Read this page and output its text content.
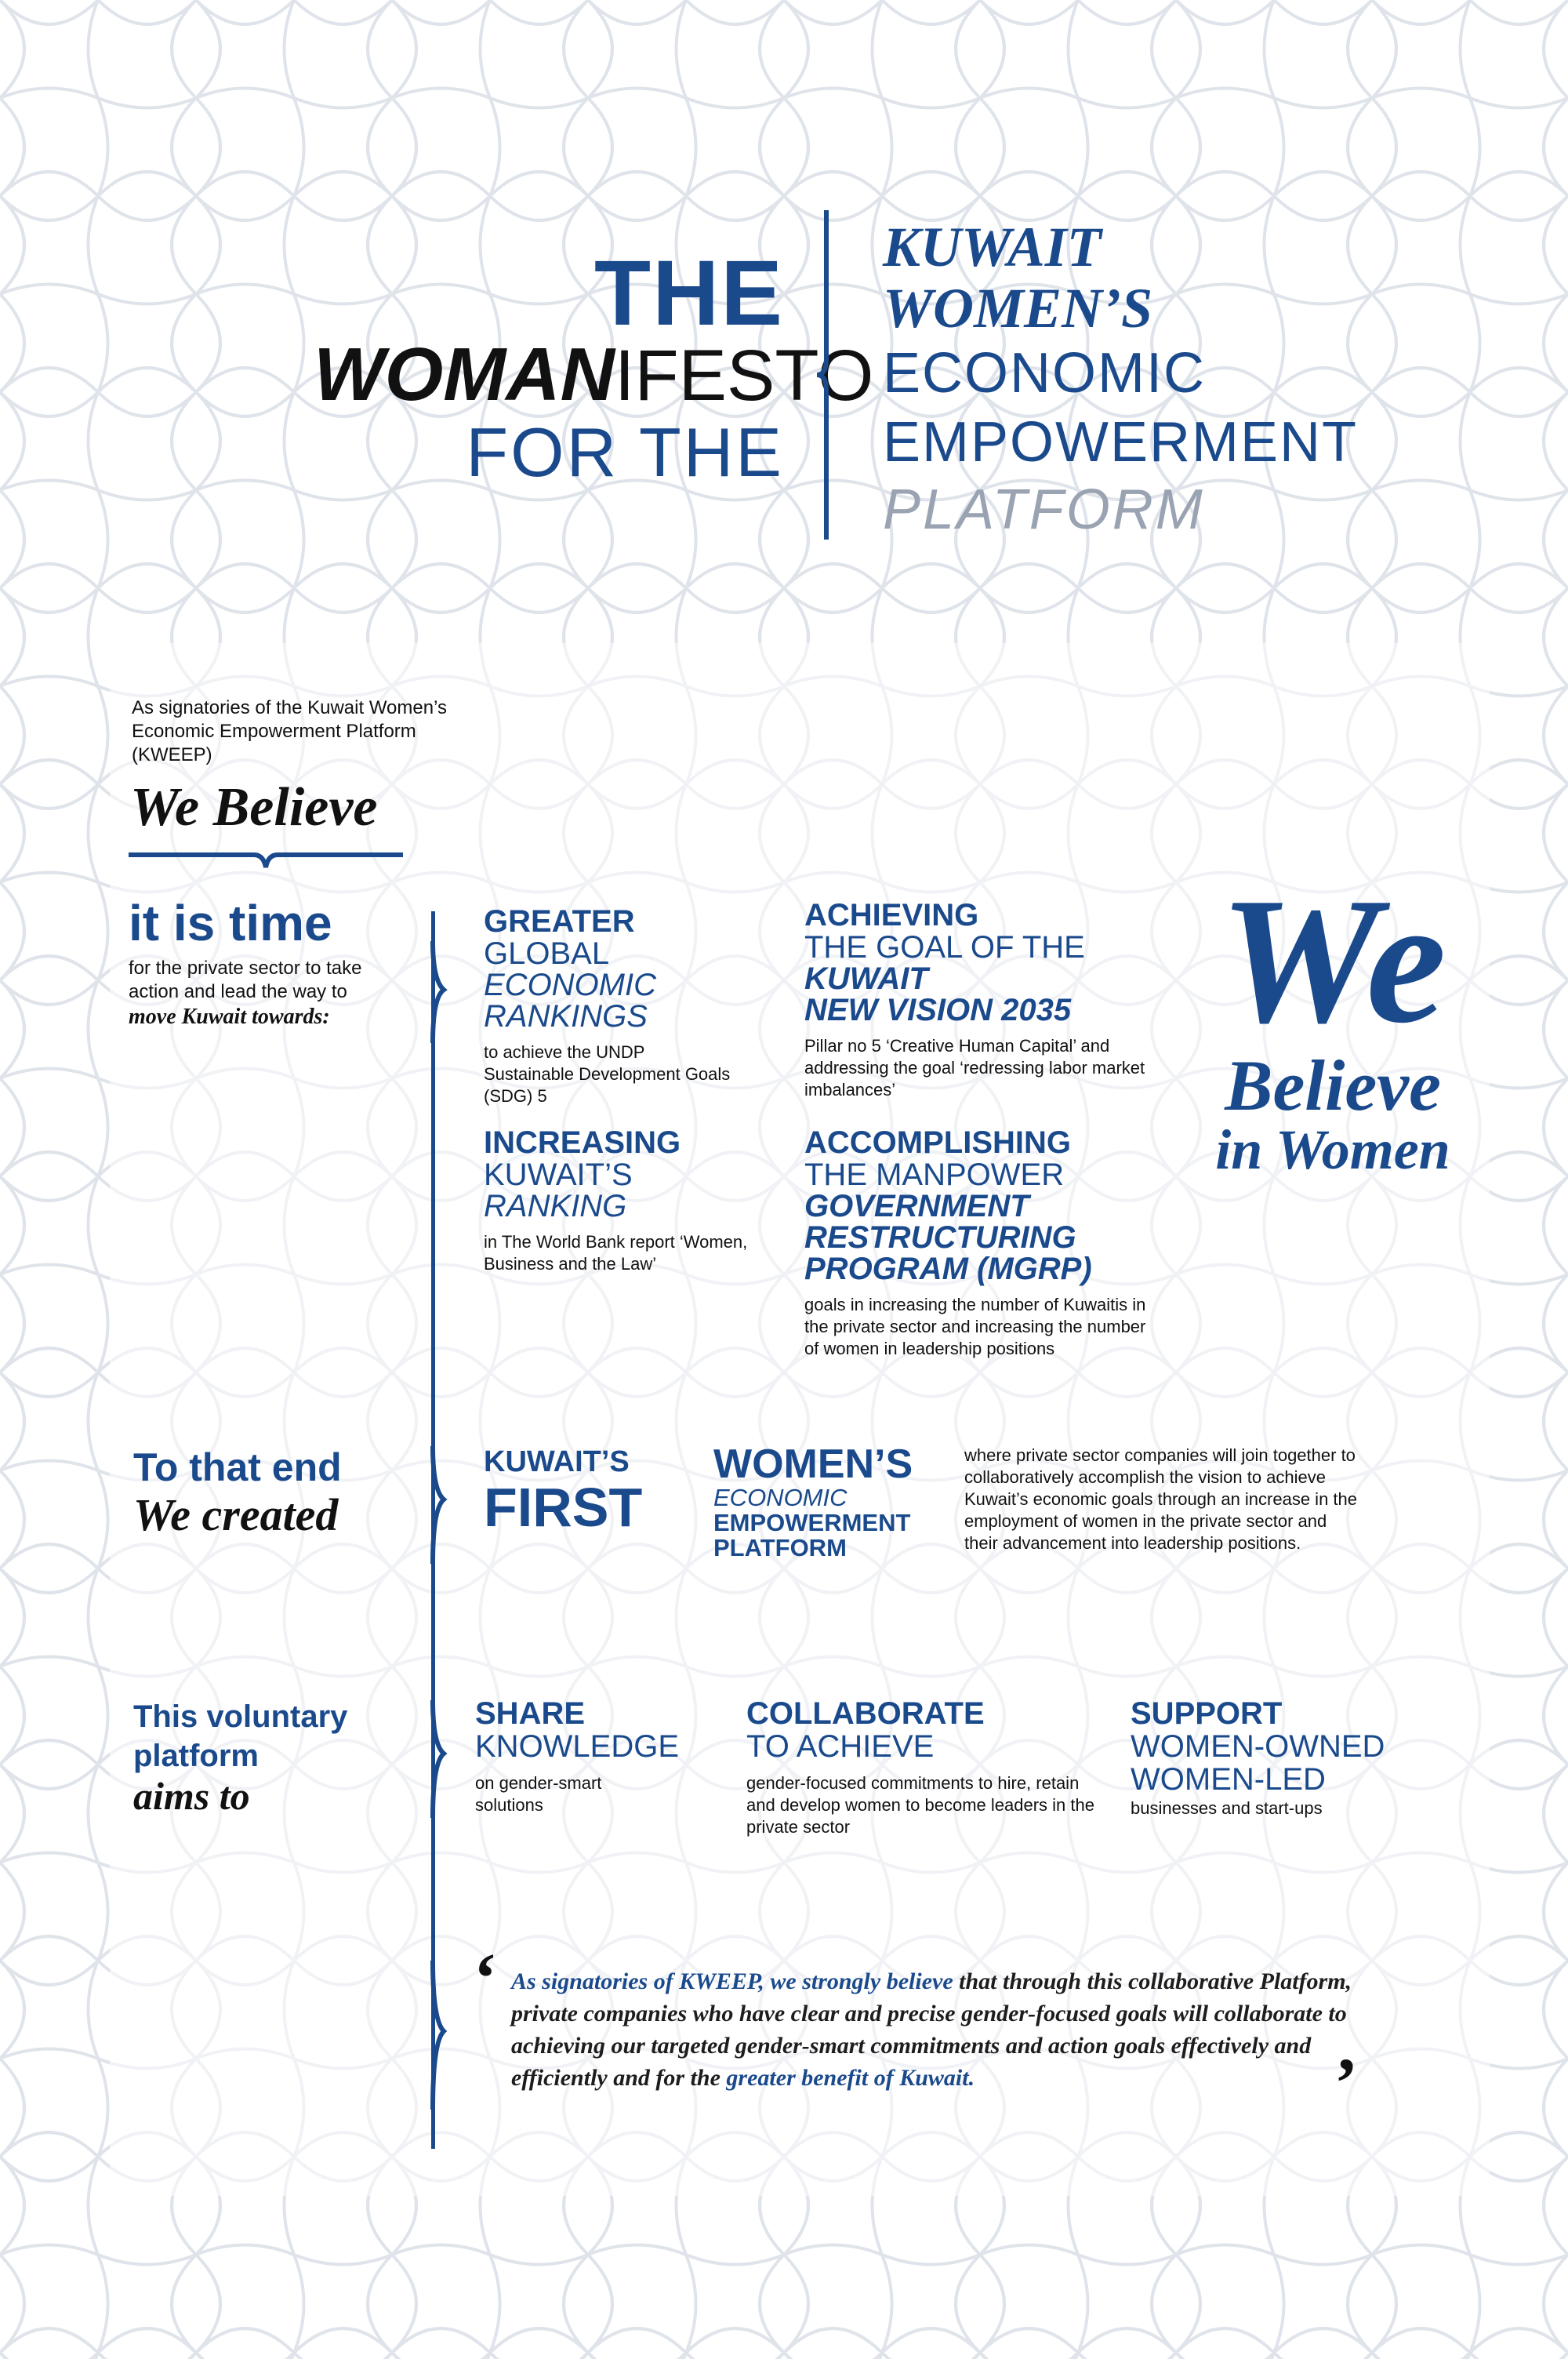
THE
WOMANIFESTO
FOR THE
KUWAIT
WOMEN’S
ECONOMIC
EMPOWERMENT
PLATFORM
As signatories of the Kuwait Women’s Economic Empowerment Platform (KWEEP)
We Believe
it is time
for the private sector to take action and lead the way to
move Kuwait towards:
GREATER
GLOBAL
ECONOMIC
RANKINGS
to achieve the UNDP Sustainable Development Goals (SDG) 5
ACHIEVING
THE GOAL OF THE
KUWAIT
NEW VISION 2035
Pillar no 5 ‘Creative Human Capital’ and addressing the goal ‘redressing labor market imbalances’
INCREASING
KUWAIT’S
RANKING
in The World Bank report ‘Women, Business and the Law’
ACCOMPLISHING
THE MANPOWER
GOVERNMENT
RESTRUCTURING
PROGRAM (MGRP)
goals in increasing the number of Kuwaitis in the private sector and increasing the number of women in leadership positions
We
Believe
in Women
To that end
We created
KUWAIT’S
FIRST
WOMEN’S
ECONOMIC
EMPOWERMENT
PLATFORM
where private sector companies will join together to collaboratively accomplish the vision to achieve Kuwait’s economic goals through an increase in the employment of women in the private sector and their advancement into leadership positions.
This voluntary
platform
aims to
SHARE
KNOWLEDGE
on gender-smart solutions
COLLABORATE
TO ACHIEVE
gender-focused commitments to hire, retain and develop women to become leaders in the private sector
SUPPORT
WOMEN-OWNED
WOMEN-LED
businesses and start-ups
‘ As signatories of KWEEP, we strongly believe that through this collaborative Platform, private companies who have clear and precise gender-focused goals will collaborate to achieving our targeted gender-smart commitments and action goals effectively and efficiently and for the greater benefit of Kuwait.	’
